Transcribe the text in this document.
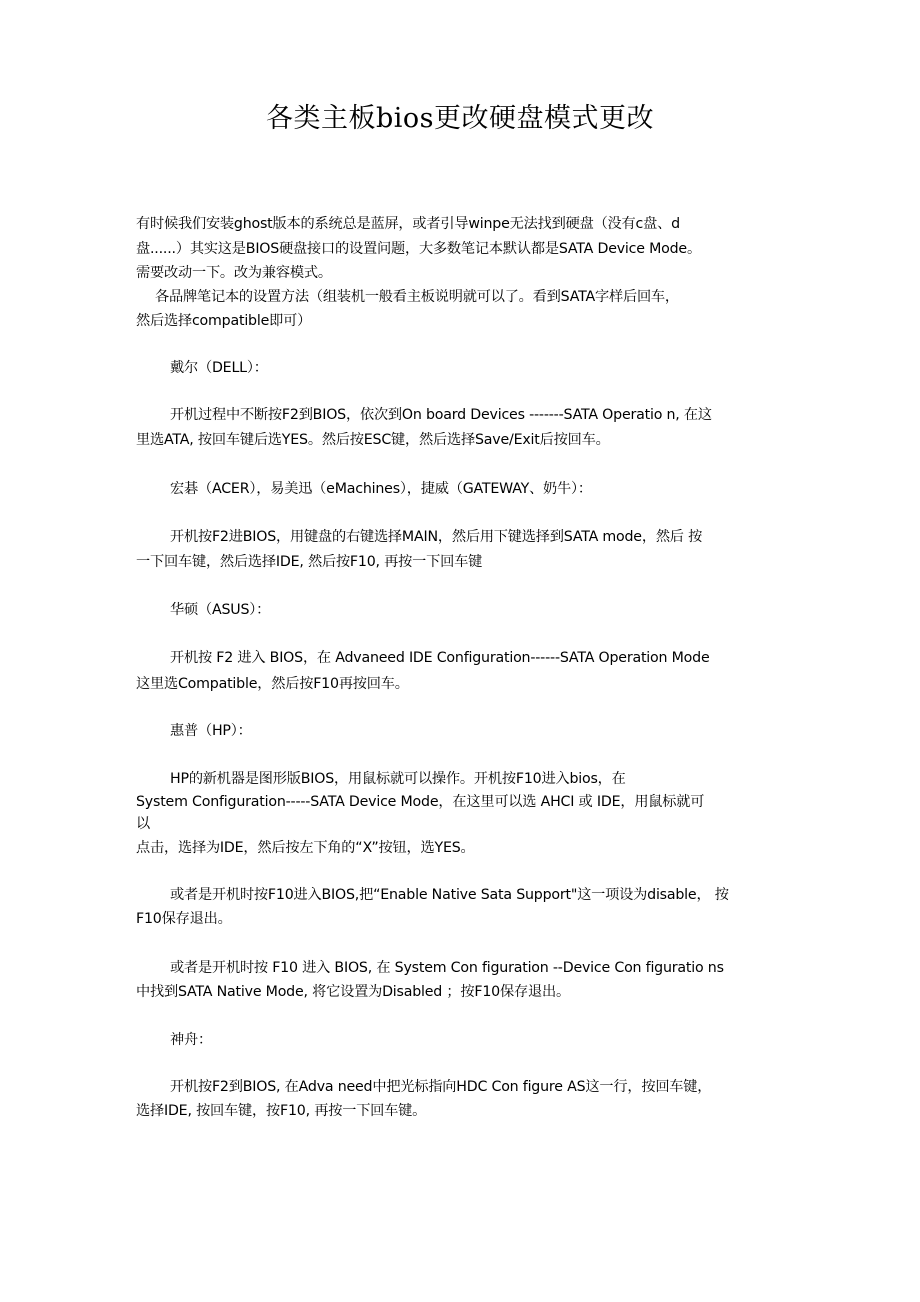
各类主板bios更改硬盘模式更改
有时候我们安装ghost版本的系统总是蓝屏，或者引导winpe无法找到硬盘（没有c盘、d
盘......）其实这是BIOS硬盘接口的设置问题，大多数笔记本默认都是SATA Device Mode。
需要改动一下。改为兼容模式。
各品牌笔记本的设置方法（组装机一般看主板说明就可以了。看到SATA字样后回车，
然后选择compatible即可）
戴尔（DELL）：
开机过程中不断按F2到BIOS，依次到On board Devices -------SATA Operatio n, 在这
里选ATA, 按回车键后选YES。然后按ESC键，然后选择Save/Exit后按回车。
宏碁（ACER），易美迅（eMachines），捷威（GATEWAY、奶牛）：
开机按F2进BIOS，用键盘的右键选择MAIN，然后用下键选择到SATA mode，然后 按
一下回车键，然后选择IDE, 然后按F10, 再按一下回车键
华硕（ASUS）：
开机按 F2 进入 BIOS，在 Advaneed IDE Configuration------SATA Operation Mode
这里选Compatible，然后按F10再按回车。
惠普（HP）：
HP的新机器是图形版BIOS，用鼠标就可以操作。开机按F10进入bios，在
System Configuration-----SATA Device Mode，在这里可以选 AHCI 或 IDE，用鼠标就可
以
点击，选择为IDE，然后按左下角的“X”按钮，选YES。
或者是开机时按F10进入BIOS,把“Enable Native Sata Support"这一项设为disable， 按
F10保存退出。
或者是开机时按 F10 进入 BIOS, 在 System Con figuration --Device Con figuratio ns
中找到SATA Native Mode, 将它设置为Disabled ；按F10保存退出。
神舟：
开机按F2到BIOS, 在Adva need中把光标指向HDC Con figure AS这一行，按回车键，
选择IDE, 按回车键，按F10, 再按一下回车键。
